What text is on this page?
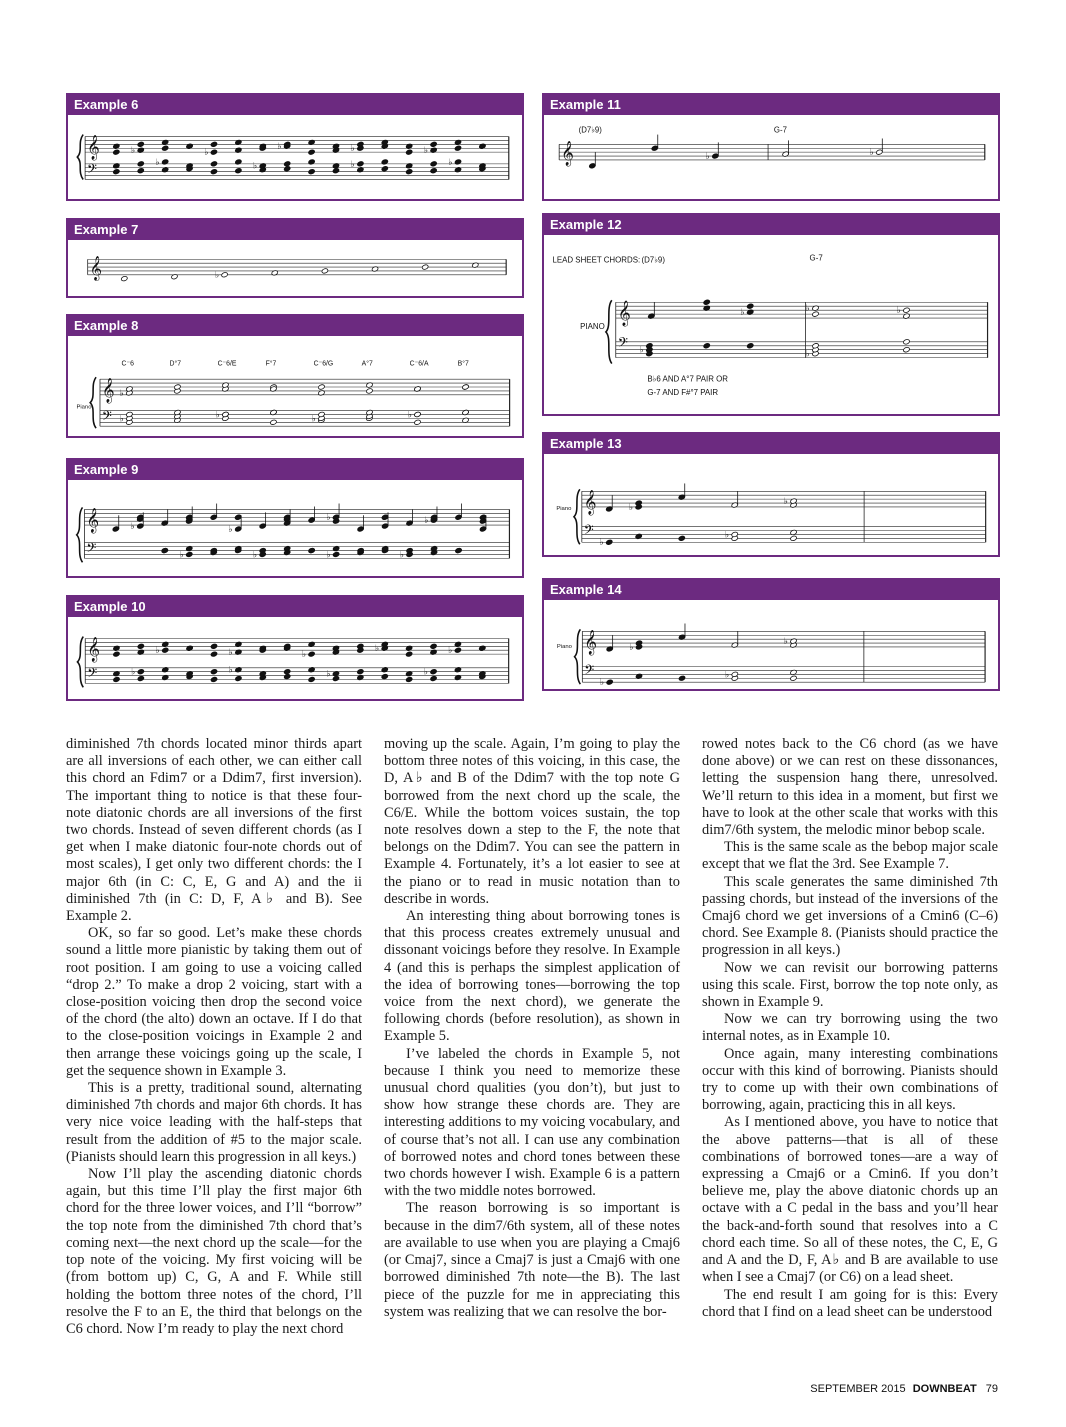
Example 6
𝄞
𝄢
♭
♭
♭
♭
♭	♭
♭
♭
♭
Example 7
𝄞	♭
Example 8
𝄞
𝄢
Piano
C⁻6
♭
♭
D°7	C⁻6/E
♭
F°7	C⁻6/G
♭
A°7	C⁻6/A
♭
B°7
Example 9
𝄞
𝄢
♭
♭
♭
♭
♭
♭	♭
♭
Example 10
𝄞
𝄢	♭
♭	♭
♭
♭
♭
♭
♭
♭
Example 11
(D7♭9)	G-7
𝄞	♭	♭
Example 12
LEAD SHEET CHORDS: (D7♭9)	G-7
PIANO
B♭6 AND A°7 PAIR OR
G-7 AND F#°7 PAIR
𝄞
𝄢
♭	♭	♭
♭	♭
Example 13
Piano 𝄞
𝄢
♭
♭
♭
♭
Example 14
Piano 𝄞
𝄢
♭
♭
♭
♭

diminished 7th chords located minor thirds apart are all inversions of each other, we can either call this chord an Fdim7 or a Ddim7, first inversion). The important thing to notice is that these four-note diatonic chords are all inversions of the first two chords. Instead of seven different chords (as I get when I make diatonic four-note chords out of most scales), I get only two different chords: the I major 6th (in C: C, E, G and A) and the ii diminished 7th (in C: D, F, A♭ and B). See Example 2.

OK, so far so good. Let’s make these chords sound a little more pianistic by taking them out of root position. I am going to use a voicing called “drop 2.” To make a drop 2 voicing, start with a close-position voicing then drop the second voice of the chord (the alto) down an octave. If I do that to the close-position voicings in Example 2 and then arrange these voicings going up the scale, I get the sequence shown in Example 3.

This is a pretty, traditional sound, alternating diminished 7th chords and major 6th chords. It has very nice voice leading with the half-steps that result from the addition of #5 to the major scale. (Pianists should learn this progression in all keys.)

Now I’ll play the ascending diatonic chords again, but this time I’ll play the first major 6th chord for the three lower voices, and I’ll “borrow” the top note from the diminished 7th chord that’s coming next—the next chord up the scale—for the top note of the voicing. My first voicing will be (from bottom up) C, G, A and F. While still holding the bottom three notes of the chord, I’ll resolve the F to an E, the third that belongs on the C6 chord. Now I’m ready to play the next chord

moving up the scale. Again, I’m going to play the bottom three notes of this voicing, in this case, the D, A♭ and B of the Ddim7 with the top note G borrowed from the next chord up the scale, the C6/E. While the bottom voices sustain, the top note resolves down a step to the F, the note that belongs on the Ddim7. You can see the pattern in Example 4. Fortunately, it’s a lot easier to see at the piano or to read in music notation than to describe in words.

An interesting thing about borrowing tones is that this process creates extremely unusual and dissonant voicings before they resolve. In Example 4 (and this is perhaps the simplest application of the idea of borrowing tones—borrowing the top voice from the next chord), we generate the following chords (before resolution), as shown in Example 5.

I’ve labeled the chords in Example 5, not because I think you need to memorize these unusual chord qualities (you don’t), but just to show how strange these chords are. They are interesting additions to my voicing vocabulary, and of course that’s not all. I can use any combination of borrowed notes and chord tones between these two chords however I wish. Example 6 is a pattern with the two middle notes borrowed.

The reason borrowing is so important is because in the dim7/6th system, all of these notes are available to use when you are playing a Cmaj6 (or Cmaj7, since a Cmaj7 is just a Cmaj6 with one borrowed diminished 7th note—the B). The last piece of the puzzle for me in appreciating this system was realizing that we can resolve the bor-

rowed notes back to the C6 chord (as we have done above) or we can rest on these dissonances, letting the suspension hang there, unresolved. We’ll return to this idea in a moment, but first we have to look at the other scale that works with this dim7/6th system, the melodic minor bebop scale.

This is the same scale as the bebop major scale except that we flat the 3rd. See Example 7.

This scale generates the same diminished 7th passing chords, but instead of the inversions of the Cmaj6 chord we get inversions of a Cmin6 (C–6) chord. See Example 8. (Pianists should practice the progression in all keys.)

Now we can revisit our borrowing patterns using this scale. First, borrow the top note only, as shown in Example 9.

Now we can try borrowing using the two internal notes, as in Example 10.

Once again, many interesting combinations occur with this kind of borrowing. Pianists should try to come up with their own combinations of borrowing, again, practicing this in all keys.

As I mentioned above, you have to notice that the above patterns—that is all of these combinations of borrowed tones—are a way of expressing a Cmaj6 or a Cmin6. If you don’t believe me, play the above diatonic chords up an octave with a C pedal in the bass and you’ll hear the back-and-forth sound that resolves into a C chord each time. So all of these notes, the C, E, G and A and the D, F, A♭ and B are available to use when I see a Cmaj7 (or C6) on a lead sheet.

The end result I am going for is this: Every chord that I find on a lead sheet can be understood

SEPTEMBER 2015 DOWNBEAT 79
